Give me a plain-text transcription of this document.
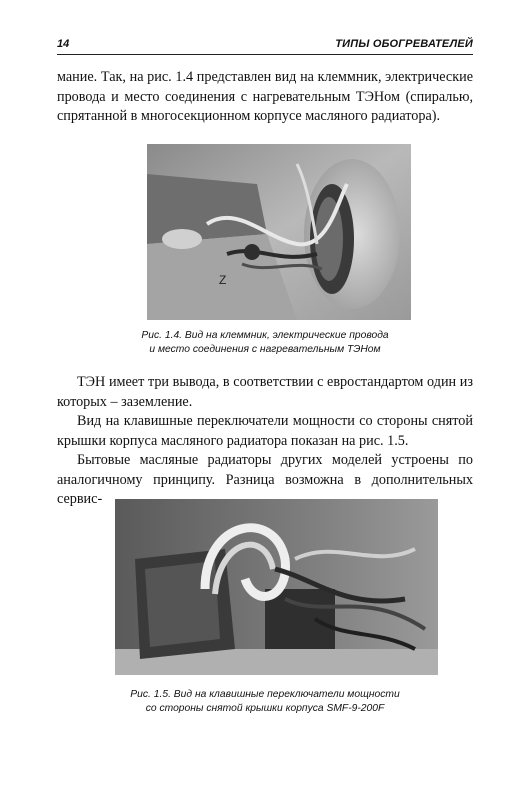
14	ТИПЫ ОБОГРЕВАТЕЛЕЙ

мание. Так, на рис. 1.4 представлен вид на клеммник, электрические провода и место соединения с нагревательным ТЭНом (спиралью, спрятанной в многосекционном корпусе масляного радиатора).

Z
Рис. 1.4. Вид на клеммник, электрические провода
и место соединения с нагревательным ТЭНом

ТЭН имеет три вывода, в соответствии с евростандартом один из которых – заземление.

Вид на клавишные переключатели мощности со стороны снятой крышки корпуса масляного радиатора показан на рис. 1.5.

Бытовые масляные радиаторы других моделей устроены по аналогичному принципу. Разница возможна в дополнительных сервис-

Рис. 1.5. Вид на клавишные переключатели мощности
со стороны снятой крышки корпуса SMF-9-200F
